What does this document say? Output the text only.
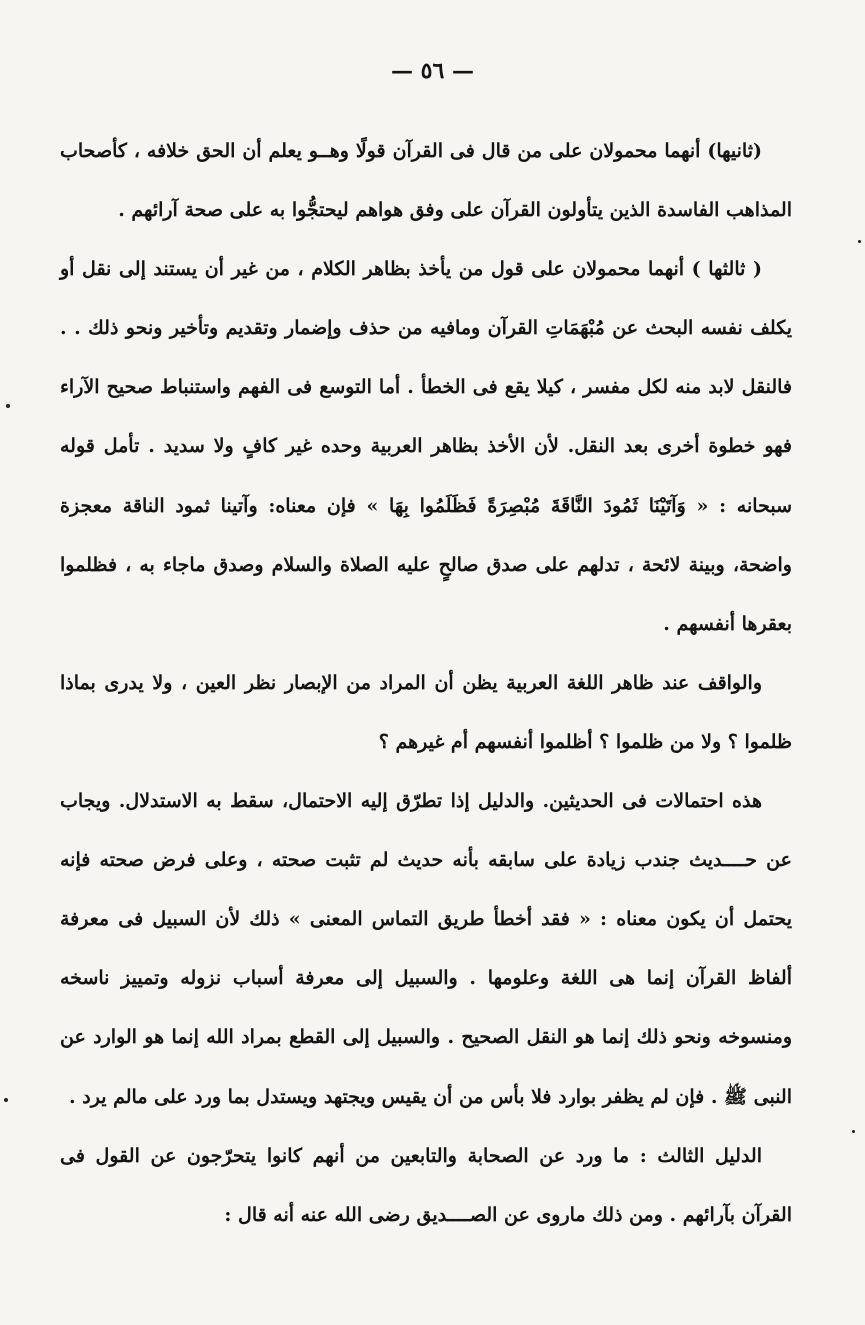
— ٥٦ —

(ثانيها) أنهما محمولان على من قال فى القرآن قولًا وهــو يعلم أن الحق خلافه ، كأصحاب المذاهب الفاسدة الذين يتأولون القرآن على وفق هواهم ليحتجُّوا به على صحة آرائهم .

( ثالثها ) أنهما محمولان على قول من يأخذ بظاهر الكلام ، من غير أن يستند إلى نقل أو يكلف نفسه البحث عن مُبْهَمَاتِ القرآن ومافيه من حذف وإضمار وتقديم وتأخير ونحو ذلك . . فالنقل لابد منه لكل مفسر ، كيلا يقع فى الخطأ . أما التوسع فى الفهم واستنباط صحيح الآراء فهو خطوة أخرى بعد النقل. لأن الأخذ بظاهر العربية وحده غير كافٍ ولا سديد . تأمل قوله سبحانه : « وَآتَيْنَا ثَمُودَ النَّاقَةَ مُبْصِرَةً فَظَلَمُوا بِهَا » فإن معناه: وآتينا ثمود الناقة معجزة واضحة، وبينة لائحة ، تدلهم على صدق صالحٍ عليه الصلاة والسلام وصدق ماجاء به ، فظلموا بعقرها أنفسهم .

والواقف عند ظاهر اللغة العربية يظن أن المراد من الإبصار نظر العين ، ولا يدرى بماذا ظلموا ؟ ولا من ظلموا ؟ أظلموا أنفسهم أم غيرهم ؟

هذه احتمالات فى الحديثين. والدليل إذا تطرّق إليه الاحتمال، سقط به الاستدلال. ويجاب عن حــــديث جندب زيادة على سابقه بأنه حديث لم تثبت صحته ، وعلى فرض صحته فإنه يحتمل أن يكون معناه : « فقد أخطأ طريق التماس المعنى » ذلك لأن السبيل فى معرفة ألفاظ القرآن إنما هى اللغة وعلومها . والسبيل إلى معرفة أسباب نزوله وتمييز ناسخه ومنسوخه ونحو ذلك إنما هو النقل الصحيح . والسبيل إلى القطع بمراد الله إنما هو الوارد عن النبى ﷺ . فإن لم يظفر بوارد فلا بأس من أن يقيس ويجتهد ويستدل بما ورد على مالم يرد .

الدليل الثالث : ما ورد عن الصحابة والتابعين من أنهم كانوا يتحرّجون عن القول فى القرآن بآرائهم . ومن ذلك ماروى عن الصــــديق رضى الله عنه أنه قال :
